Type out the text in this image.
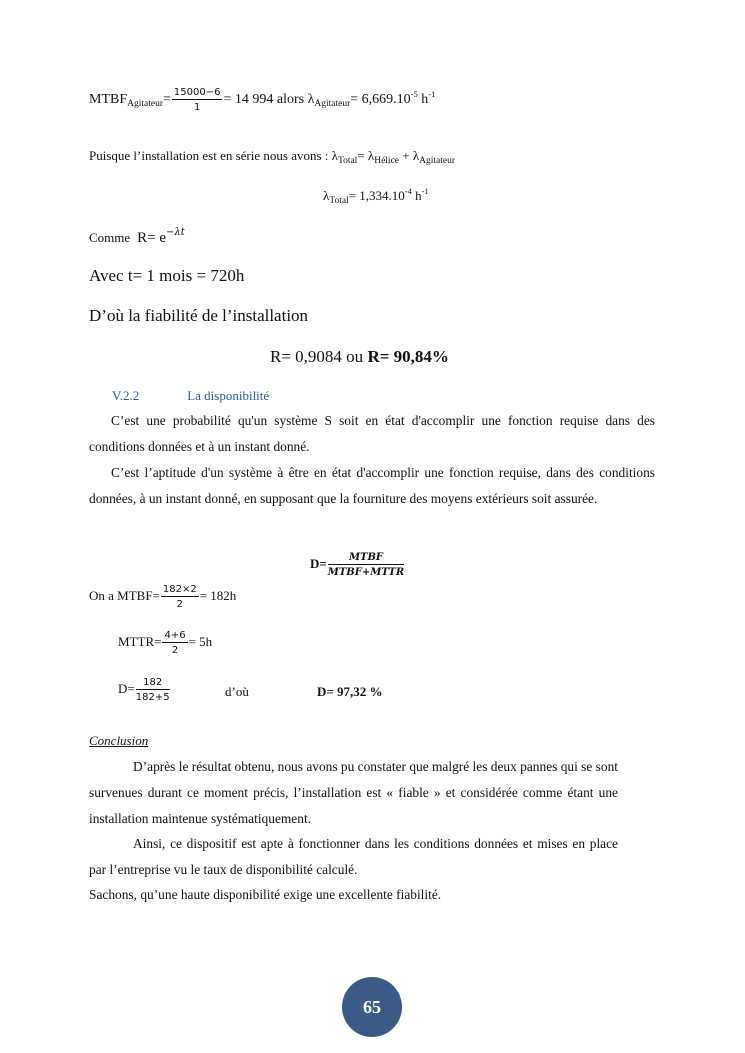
$MTBF_{Agitateur}= \frac{15000-6}{1} = 14$ 994 alors $\lambda_{Agitateur}= 6,669.10^{-5}$ $h^{-1}$
Puisque l’installation est en série nous avons : $\lambda_{Total}= \lambda_{Hélice} + \lambda_{Agitateur}$
$\lambda_{Total}= 1,334.10^{-4}$ $h^{-1}$
Comme $R= e^{-\lambda t}$
Avec t= 1 mois = 720h
D’où la fiabilité de l’installation
R= 0,9084 ou R= 90,84%
V.2.2	La disponibilité
C’est une probabilité qu'un système S soit en état d'accomplir une fonction requise dans des conditions données et à un instant donné.
C’est l’aptitude d'un système à être en état d'accomplir une fonction requise, dans des conditions données, à un instant donné, en supposant que la fourniture des moyens extérieurs soit assurée.
$D= \frac{\text{MTBF}}{\text{MTBF+MTTR}}$
On a MTBF= $\frac{182\times 2}{2} = 182h$
MTTR= $\frac{4+6}{2} = 5h$
$D= \frac{182}{182+5}$	d’où	D= 97,32 %
Conclusion
D’après le résultat obtenu, nous avons pu constater que malgré les deux pannes qui se sont survenues durant ce moment précis, l’installation est « fiable » et considérée comme étant une installation maintenue systématiquement.
Ainsi, ce dispositif est apte à fonctionner dans les conditions données et mises en place par l’entreprise vu le taux de disponibilité calculé.
Sachons, qu’une haute disponibilité exige une excellente fiabilité.
65
